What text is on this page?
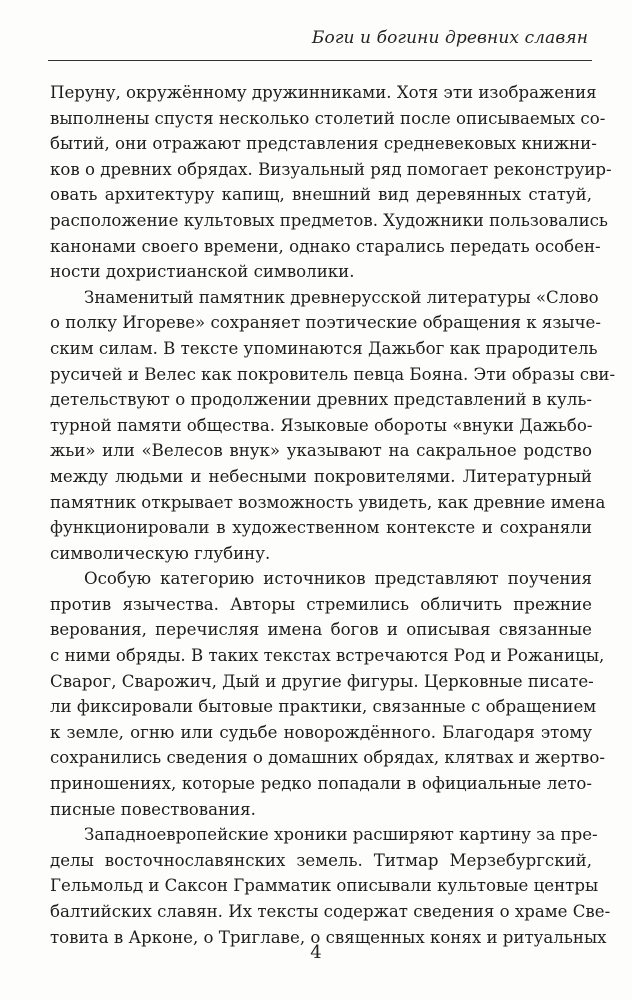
Боги и богини древних славян
Перуну, окружённому дружинниками. Хотя эти изображения
выполнены спустя несколько столетий после описываемых со-
бытий, они отражают представления средневековых книжни-
ков о древних обрядах. Визуальный ряд помогает реконструир-
овать архитектуру капищ, внешний вид деревянных статуй,
расположение культовых предметов. Художники пользовались
канонами своего времени, однако старались передать особен-
ности дохристианской символики.
Знаменитый памятник древнерусской литературы «Слово
о полку Игореве» сохраняет поэтические обращения к языче-
ским силам. В тексте упоминаются Дажьбог как прародитель
русичей и Велес как покровитель певца Бояна. Эти образы сви-
детельствуют о продолжении древних представлений в куль-
турной памяти общества. Языковые обороты «внуки Дажьбо-
жьи» или «Велесов внук» указывают на сакральное родство
между людьми и небесными покровителями. Литературный
памятник открывает возможность увидеть, как древние имена
функционировали в художественном контексте и сохраняли
символическую глубину.
Особую категорию источников представляют поучения
против язычества. Авторы стремились обличить прежние
верования, перечисляя имена богов и описывая связанные
с ними обряды. В таких текстах встречаются Род и Рожаницы,
Сварог, Сварожич, Дый и другие фигуры. Церковные писате-
ли фиксировали бытовые практики, связанные с обращением
к земле, огню или судьбе новорождённого. Благодаря этому
сохранились сведения о домашних обрядах, клятвах и жертво-
приношениях, которые редко попадали в официальные лето-
писные повествования.
Западноевропейские хроники расширяют картину за пре-
делы восточнославянских земель. Титмар Мерзебургский,
Гельмольд и Саксон Грамматик описывали культовые центры
балтийских славян. Их тексты содержат сведения о храме Све-
товита в Арконе, о Триглаве, о священных конях и ритуальных
4
